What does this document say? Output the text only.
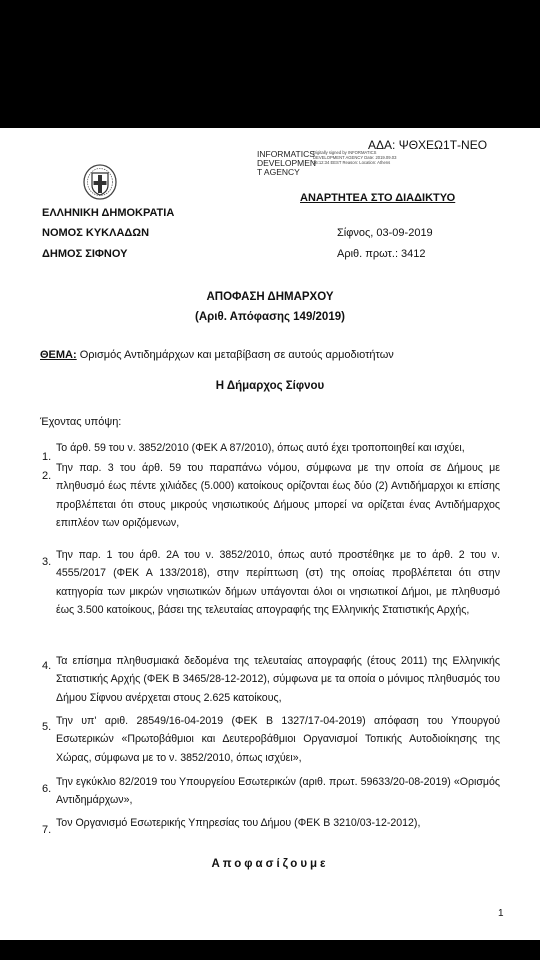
ΑΔΑ: ΨΘΧΕΩ1Τ-ΝΕΟ
INFORMATICS DEVELOPMEN T AGENCY
Digitally signed by INFORMATICS DEVELOPMENT AGENCY Date: 2019.09.03 16:12:34 EEST Reason: Location: Athens
ΑΝΑΡΤΗΤΕΑ ΣΤΟ ΔΙΑΔΙΚΤΥΟ
ΕΛΛΗΝΙΚΗ ΔΗΜΟΚΡΑΤΙΑ
ΝΟΜΟΣ ΚΥΚΛΑΔΩΝ
ΔΗΜΟΣ ΣΙΦΝΟΥ
Σίφνος, 03-09-2019
Αριθ. πρωτ.: 3412
ΑΠΟΦΑΣΗ ΔΗΜΑΡΧΟΥ
(Αριθ. Απόφασης 149/2019)
ΘΕΜΑ: Ορισμός Αντιδημάρχων και μεταβίβαση σε αυτούς αρμοδιοτήτων
Η Δήμαρχος Σίφνου
Έχοντας υπόψη:
Το άρθ. 59 του ν. 3852/2010 (ΦΕΚ Α 87/2010), όπως αυτό έχει τροποποιηθεί και ισχύει,
1.
Την παρ. 3 του άρθ. 59 του παραπάνω νόμου, σύμφωνα με την οποία σε Δήμους με πληθυσμό έως πέντε χιλιάδες (5.000) κατοίκους ορίζονται έως δύο (2) Αντιδήμαρχοι κι επίσης προβλέπεται ότι στους μικρούς νησιωτικούς Δήμους μπορεί να ορίζεται ένας Αντιδήμαρχος επιπλέον των οριζόμενων,
2.
Την παρ. 1 του άρθ. 2Α του ν. 3852/2010, όπως αυτό προστέθηκε με το άρθ. 2 του ν. 4555/2017 (ΦΕΚ Α 133/2018), στην περίπτωση (στ) της οποίας προβλέπεται ότι στην κατηγορία των μικρών νησιωτικών δήμων υπάγονται όλοι οι νησιωτικοί Δήμοι, με πληθυσμό έως 3.500 κατοίκους, βάσει της τελευταίας απογραφής της Ελληνικής Στατιστικής Αρχής,
3.
Τα επίσημα πληθυσμιακά δεδομένα της τελευταίας απογραφής (έτους 2011) της Ελληνικής Στατιστικής Αρχής (ΦΕΚ Β 3465/28-12-2012), σύμφωνα με τα οποία ο μόνιμος πληθυσμός του Δήμου Σίφνου ανέρχεται στους 2.625 κατοίκους,
4.
Την υπ' αριθ. 28549/16-04-2019 (ΦΕΚ Β 1327/17-04-2019) απόφαση του Υπουργού Εσωτερικών «Πρωτοβάθμιοι και Δευτεροβάθμιοι Οργανισμοί Τοπικής Αυτοδιοίκησης της Χώρας, σύμφωνα με το ν. 3852/2010, όπως ισχύει»,
5.
Την εγκύκλιο 82/2019 του Υπουργείου Εσωτερικών (αριθ. πρωτ. 59633/20-08-2019) «Ορισμός Αντιδημάρχων»,
6.
Τον Οργανισμό Εσωτερικής Υπηρεσίας του Δήμου (ΦΕΚ Β 3210/03-12-2012),
7.
Αποφασίζουμε
1
